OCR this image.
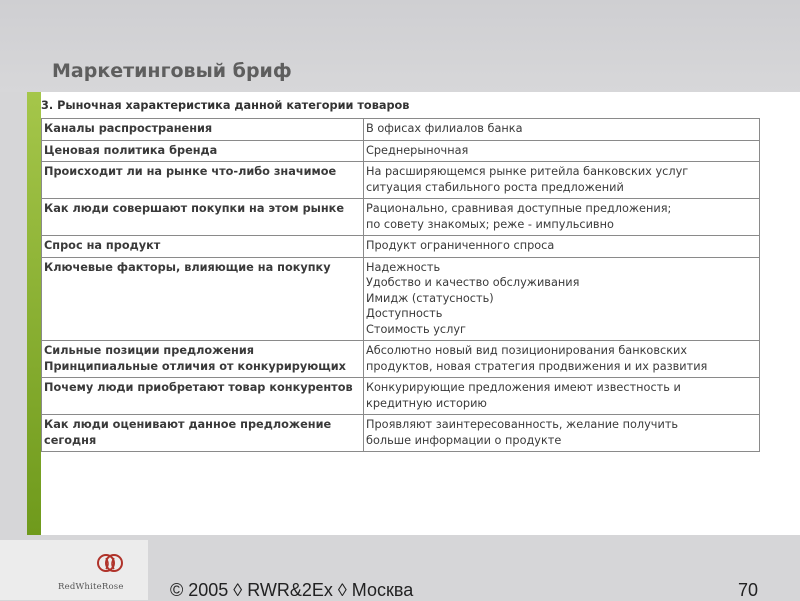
Маркетинговый бриф
3. Рыночная характеристика данной категории товаров
Каналы распространения	В офисах филиалов банка

Ценовая политика бренда	Среднерыночная

Происходит ли на рынке что-либо значимое	На расширяющемся рынке ритейла банковских услуг
ситуация стабильного роста предложений

Как люди совершают покупки на этом рынке	Рационально, сравнивая доступные предложения;
по совету знакомых; реже - импульсивно

Спрос на продукт	Продукт ограниченного спроса

Ключевые факторы, влияющие на покупку	Надежность
Удобство и качество обслуживания
Имидж (статусность)
Доступность
Стоимость услуг

Сильные позиции предложения Принципиальные отличия от конкурирующих	Абсолютно новый вид позиционирования банковских
продуктов, новая стратегия продвижения и их развития

Почему люди приобретают товар конкурентов	Конкурирующие предложения имеют известность и
кредитную историю

Как люди оценивают данное предложение сегодня	Проявляют заинтересованность, желание получить
больше информации о продукте
RedWhiteRose	© 2005 ◊ RWR&2Ex ◊ Москва	70
